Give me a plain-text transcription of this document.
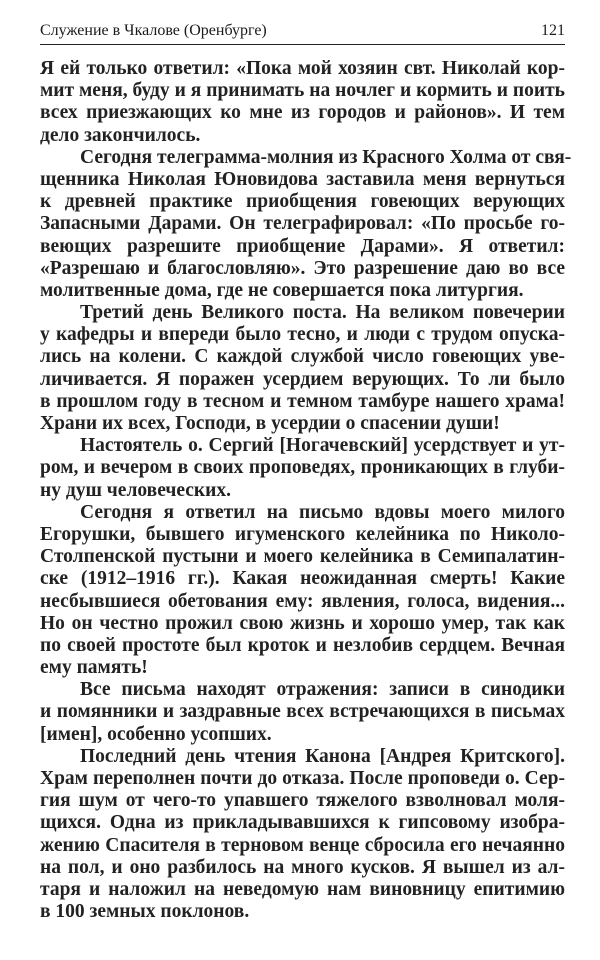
Служение в Чкалове (Оренбурге)	121
Я ей только ответил: «Пока мой хозяин свт. Николай кор-
мит меня, буду и я принимать на ночлег и кормить и поить
всех приезжающих ко мне из городов и районов». И тем
дело закончилось.
Сегодня телеграмма-молния из Красного Холма от свя-
щенника Николая Юновидова заставила меня вернуться
к древней практике приобщения говеющих верующих
Запасными Дарами. Он телеграфировал: «По просьбе го-
веющих разрешите приобщение Дарами». Я ответил:
«Разрешаю и благословляю». Это разрешение даю во все
молитвенные дома, где не совершается пока литургия.
Третий день Великого поста. На великом повечерии
у кафедры и впереди было тесно, и люди с трудом опуска-
лись на колени. С каждой службой число говеющих уве-
личивается. Я поражен усердием верующих. То ли было
в прошлом году в тесном и темном тамбуре нашего храма!
Храни их всех, Господи, в усердии о спасении души!
Настоятель о. Сергий [Ногачевский] усердствует и ут-
ром, и вечером в своих проповедях, проникающих в глуби-
ну душ человеческих.
Сегодня я ответил на письмо вдовы моего милого
Егорушки, бывшего игуменского келейника по Николо-
Столпенской пустыни и моего келейника в Семипалатин-
ске (1912–1916 гг.). Какая неожиданная смерть! Какие
несбывшиеся обетования ему: явления, голоса, видения...
Но он честно прожил свою жизнь и хорошо умер, так как
по своей простоте был кроток и незлобив сердцем. Вечная
ему память!
Все письма находят отражения: записи в синодики
и помянники и заздравные всех встречающихся в письмах
[имен], особенно усопших.
Последний день чтения Канона [Андрея Критского].
Храм переполнен почти до отказа. После проповеди о. Сер-
гия шум от чего-то упавшего тяжелого взволновал моля-
щихся. Одна из прикладывавшихся к гипсовому изобра-
жению Спасителя в терновом венце сбросила его нечаянно
на пол, и оно разбилось на много кусков. Я вышел из ал-
таря и наложил на неведомую нам виновницу епитимию
в 100 земных поклонов.
